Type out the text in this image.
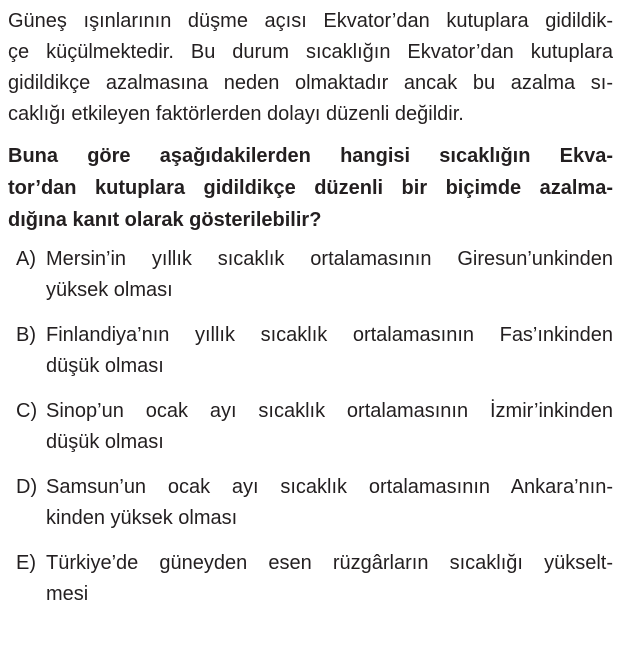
Güneş ışınlarının düşme açısı Ekvator’dan kutuplara gidildik-
çe küçülmektedir. Bu durum sıcaklığın Ekvator’dan kutuplara
gidildikçe azalmasına neden olmaktadır ancak bu azalma sı-
caklığı etkileyen faktörlerden dolayı düzenli değildir.

Buna göre aşağıdakilerden hangisi sıcaklığın Ekva-
tor’dan kutuplara gidildikçe düzenli bir biçimde azalma-
dığına kanıt olarak gösterilebilir?

A) Mersin’in yıllık sıcaklık ortalamasının Giresun’unkinden
yüksek olması
B) Finlandiya’nın yıllık sıcaklık ortalamasının Fas’ınkinden
düşük olması
C) Sinop’un ocak ayı sıcaklık ortalamasının İzmir’inkinden
düşük olması
D) Samsun’un ocak ayı sıcaklık ortalamasının Ankara’nın-
kinden yüksek olması
E) Türkiye’de güneyden esen rüzgârların sıcaklığı yükselt-
mesi
